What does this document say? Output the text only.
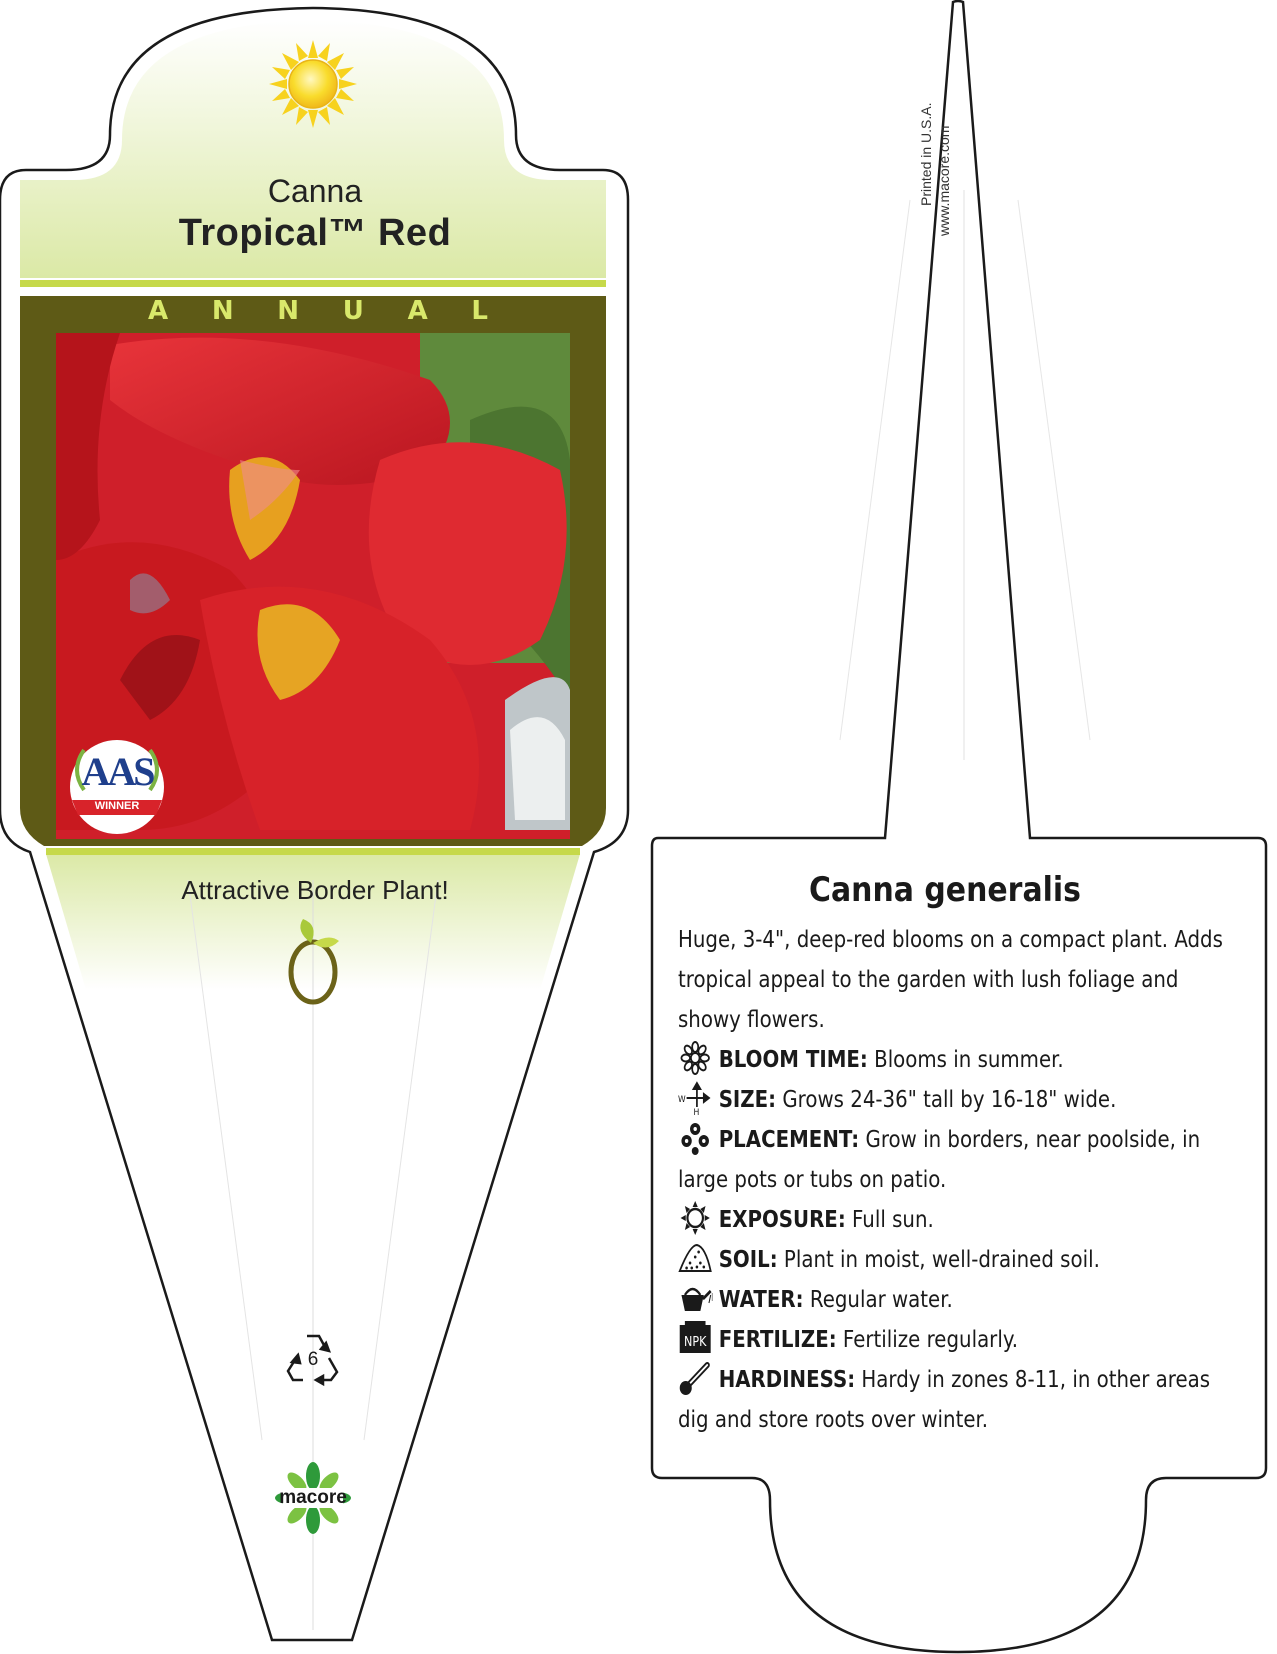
Canna
Tropical™ Red
A N N U A L
AAS
WINNER
Attractive Border Plant!
6
macore
Printed in U.S.A. www.macore.com
Canna generalis
Huge, 3-4", deep-red blooms on a compact plant. Adds
tropical appeal to the garden with lush foliage and
showy flowers.
BLOOM TIME: Blooms in summer.
W
H SIZE: Grows 24-36" tall by 16-18" wide.
PLACEMENT: Grow in borders, near poolside, in
large pots or tubs on patio.
EXPOSURE: Full sun.
SOIL: Plant in moist, well-drained soil.
WATER: Regular water.
NPK FERTILIZE: Fertilize regularly.
HARDINESS: Hardy in zones 8-11, in other areas
dig and store roots over winter.
